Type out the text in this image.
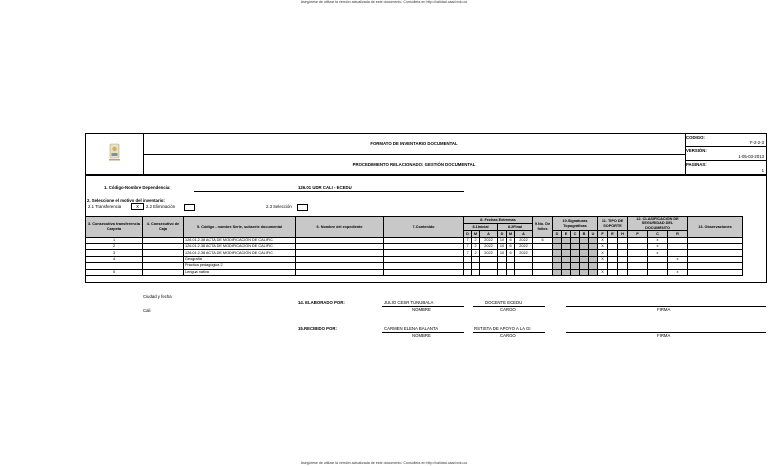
Asegúrese de utilizar la versión actualizada de este documento. Consúltela en http://calidad.usad.edu.co
FORMATO DE INVENTARIO DOCUMENTAL
PROCEDIMIENTO RELACIONADO: GESTIÓN DOCUMENTAL
CODIGO:
F-2-2-3
VERSIÓN:
1-05-03-2013
PAGINAS:
1
1. Código-Nombre Dependencia:	126.01 UDR CALI - ECEDU
2. Seleccione el motivo del inventario:
2.1 Transferencia	X	2.2 Eliminación	2.3 Selección
3. Consecutivo transferencia Carpeta	4. Consecutivo de Caja	5. Código - nombre Serie, subserie documental	6. Nombre del expediente	7.Contenido	8. Fechas Extremas						9.No. De folios	10.Signaturas Topográficas					11. TIPO DE SOPORTE			12. CLASIFICACIÓN DE SEGURIDAD DEL DOCUMENTO			13. Observaciones
					8.1Inicial			8.2Final															
					D	M	A	D	M	A		D	E	C	B	U	F	E	H	P	C	R	
1		126.01.2.38 ACTA DE MODIFICACIÓN DE CALIFIC			7	2	2022	10	6	2022	6						X				x		
2		126.01.2.38 ACTA DE MODIFICACIÓN DE CALIFIC			7	2	2022	10	6	2022							X				x		
3		126.01.2.38 ACTA DE MODIFICACIÓN DE CALIFIC			7	2	2022	10	6	2022							X				x		
4		Geografía															X					x	
		Práctica pedagógica 2																					
5		Lengua nativa															X					x	
Ciudad y fecha
Cali
14. ELABORADO POR:	JULIO CESR TUNUBALA	DOCENTE ECEDU
NOMBRE	CARGO	FIRMA
15.RECIBIDO POR:	CARMEN ELENA BALANTA	RSTISTA DE APOYO A LA GI
NOMBRE	CARGO	FIRMA
Asegúrese de utilizar la versión actualizada de este documento. Consúltela en http://calidad.usad.edu.co
